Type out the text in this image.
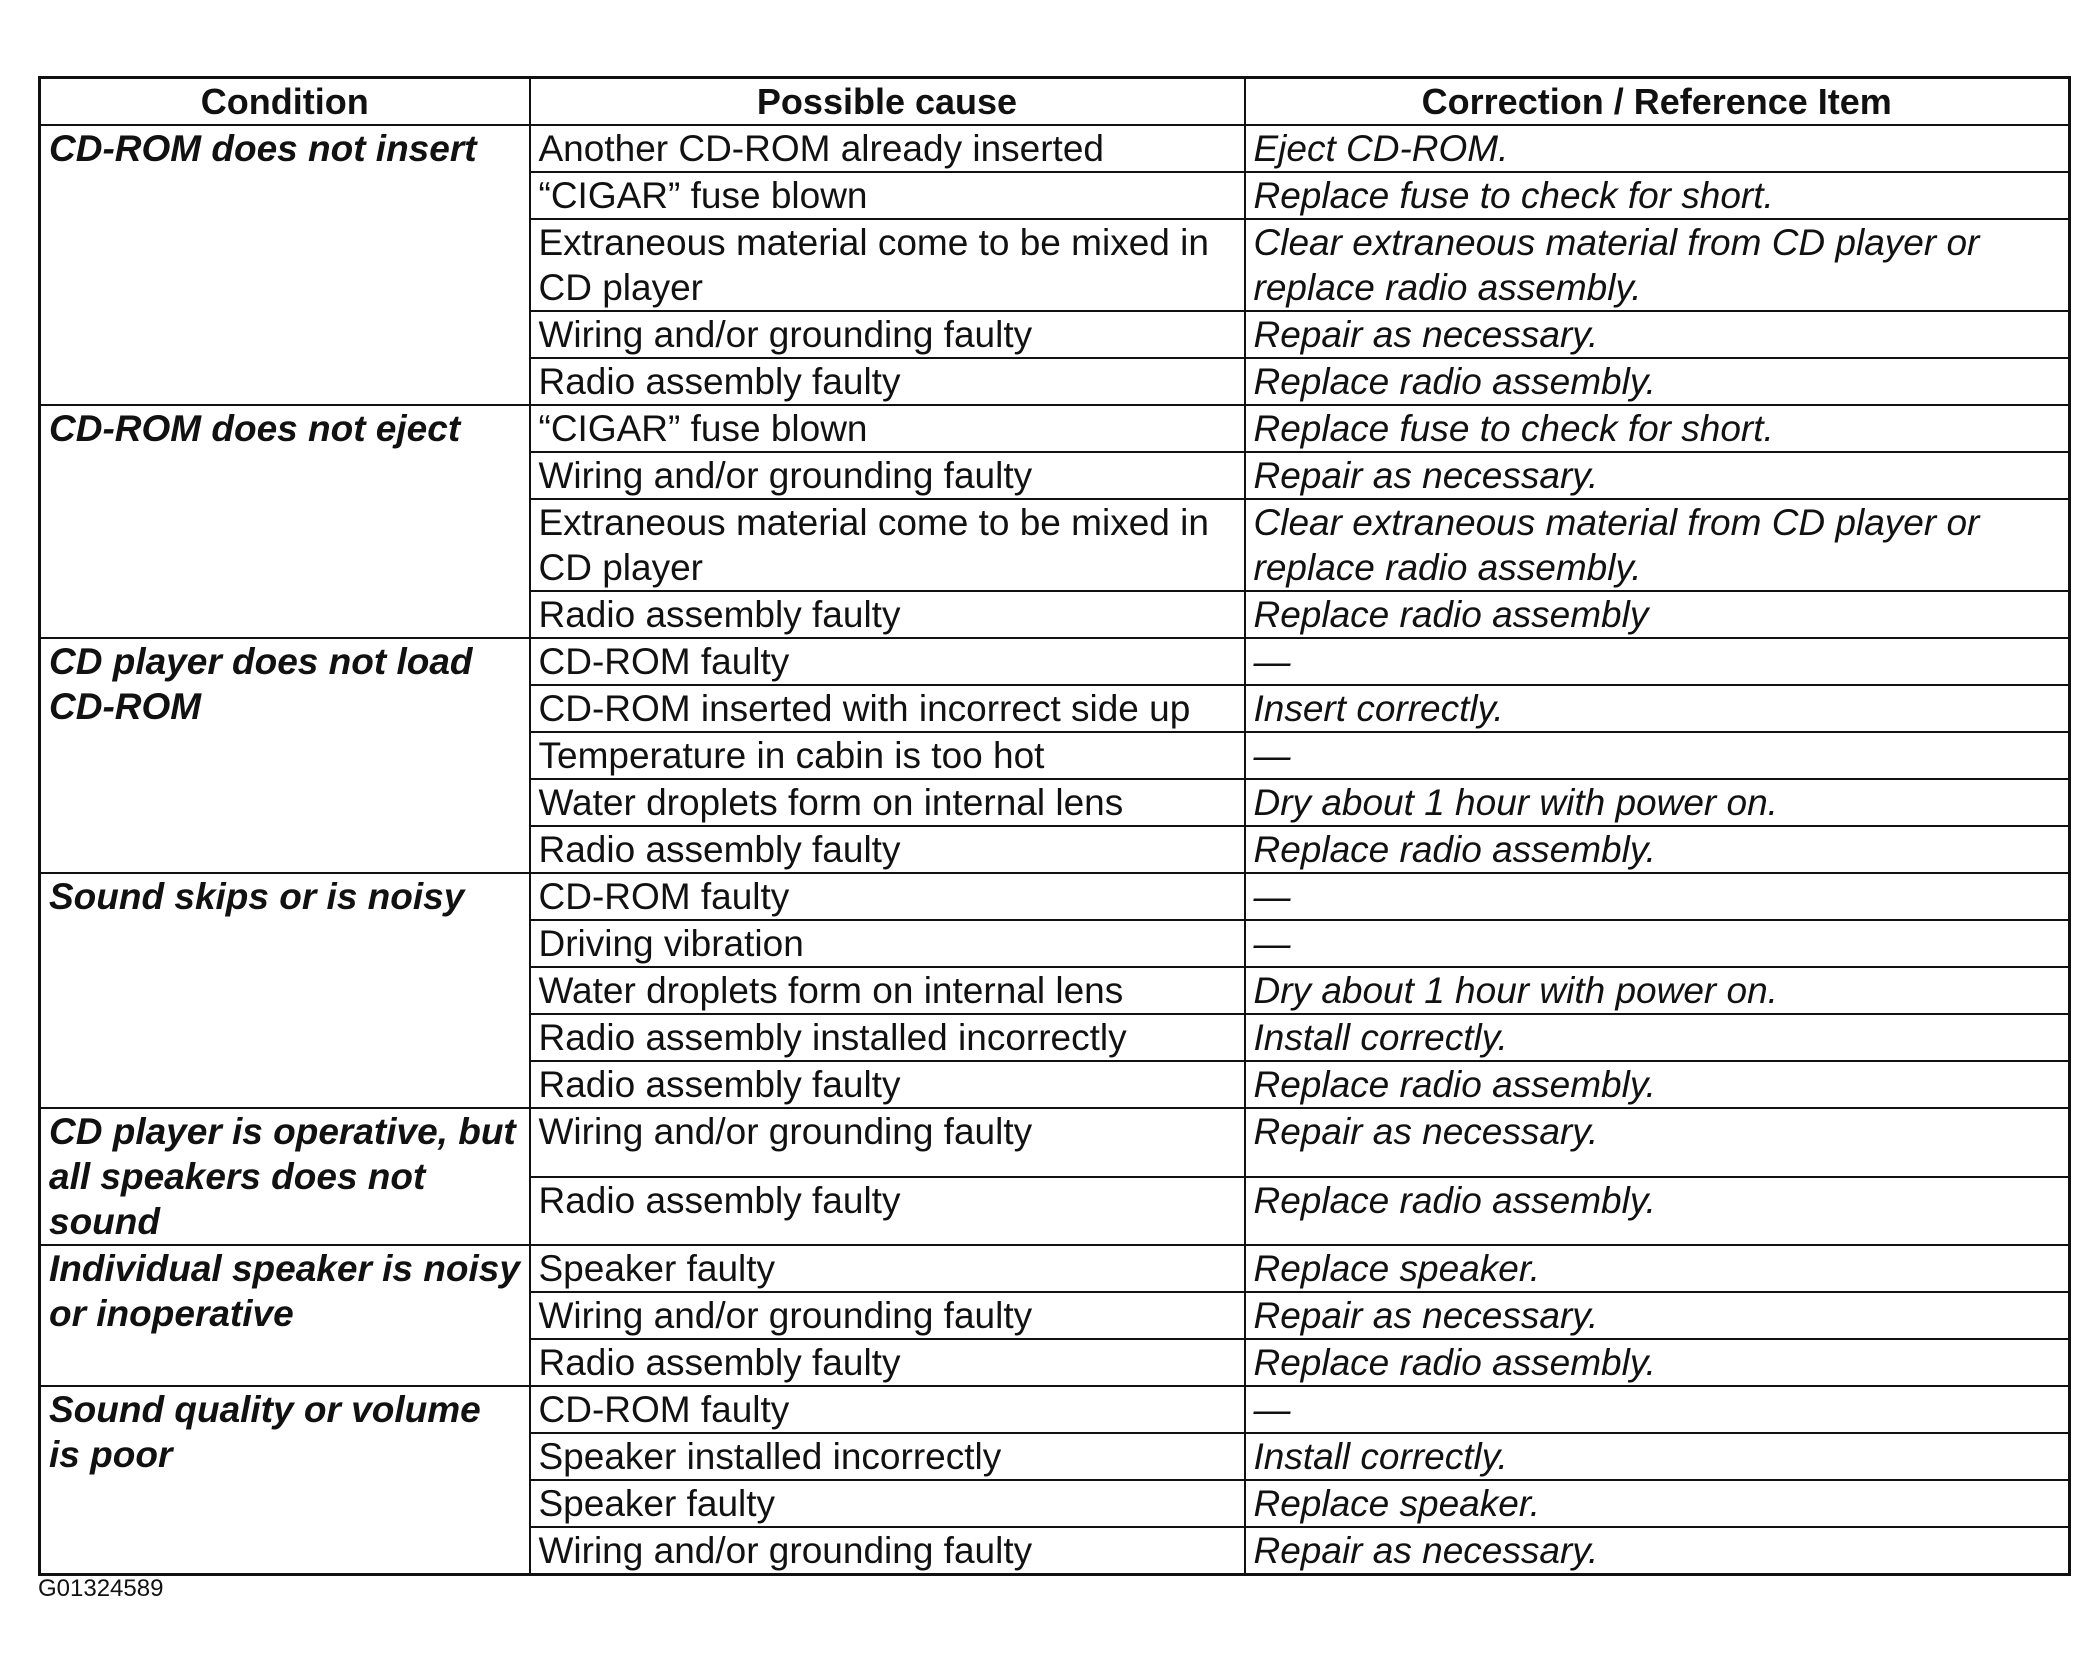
Condition	Possible cause	Correction / Reference Item
CD-ROM does not insert	Another CD-ROM already inserted	Eject CD-ROM.
	“CIGAR” fuse blown	Replace fuse to check for short.
	Extraneous material come to be mixed in CD player	Clear extraneous material from CD player or replace radio assembly.
	Wiring and/or grounding faulty	Repair as necessary.
	Radio assembly faulty	Replace radio assembly.
CD-ROM does not eject	“CIGAR” fuse blown	Replace fuse to check for short.
	Wiring and/or grounding faulty	Repair as necessary.
	Extraneous material come to be mixed in CD player	Clear extraneous material from CD player or replace radio assembly.
	Radio assembly faulty	Replace radio assembly
CD player does not load CD-ROM	CD-ROM faulty	—
	CD-ROM inserted with incorrect side up	Insert correctly.
	Temperature in cabin is too hot	—
	Water droplets form on internal lens	Dry about 1 hour with power on.
	Radio assembly faulty	Replace radio assembly.
Sound skips or is noisy	CD-ROM faulty	—
	Driving vibration	—
	Water droplets form on internal lens	Dry about 1 hour with power on.
	Radio assembly installed incorrectly	Install correctly.
	Radio assembly faulty	Replace radio assembly.
CD player is operative, but all speakers does not sound	Wiring and/or grounding faulty	Repair as necessary.
	Radio assembly faulty	Replace radio assembly.
Individual speaker is noisy or inoperative	Speaker faulty	Replace speaker.
	Wiring and/or grounding faulty	Repair as necessary.
	Radio assembly faulty	Replace radio assembly.
Sound quality or volume is poor	CD-ROM faulty	—
	Speaker installed incorrectly	Install correctly.
	Speaker faulty	Replace speaker.
	Wiring and/or grounding faulty	Repair as necessary.
G01324589
